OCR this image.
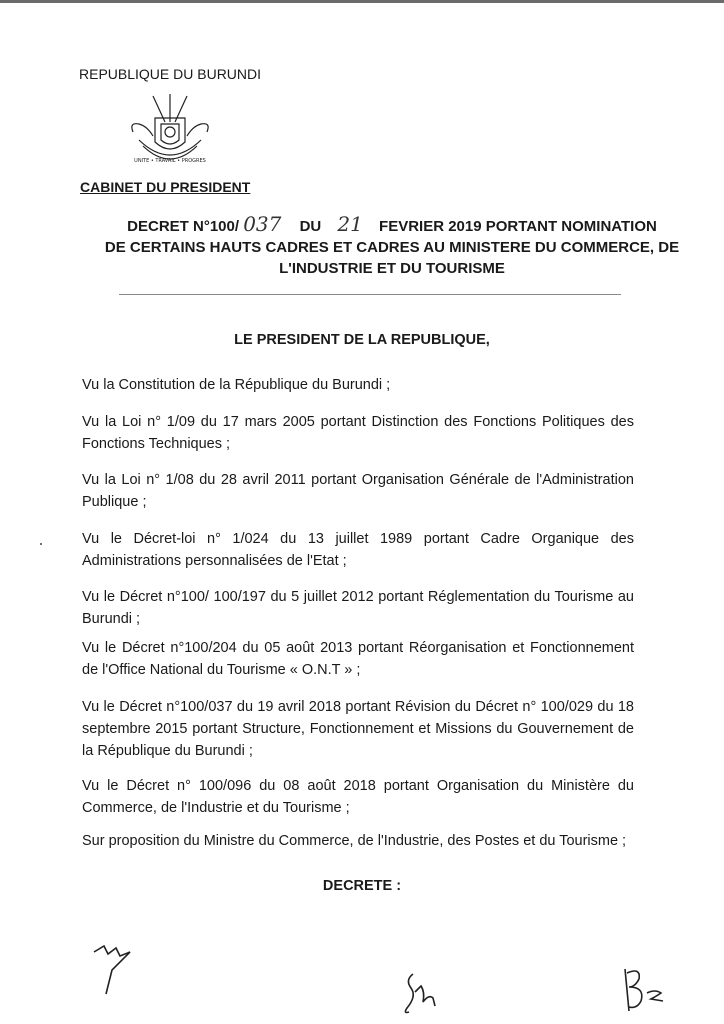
REPUBLIQUE DU BURUNDI
UNITE • TRAVAIL • PROGRES
CABINET DU PRESIDENT
DECRET N°100/ 037 DU 21 FEVRIER 2019 PORTANT NOMINATION
DE CERTAINS HAUTS CADRES ET CADRES AU MINISTERE DU COMMERCE, DE
L'INDUSTRIE ET DU TOURISME
LE PRESIDENT DE LA REPUBLIQUE,
Vu la Constitution de la République du Burundi ;
Vu la Loi n° 1/09 du 17 mars 2005 portant Distinction des Fonctions Politiques des Fonctions Techniques ;
Vu la Loi n° 1/08 du 28 avril 2011 portant Organisation Générale de l'Administration Publique ;
Vu le Décret-loi n° 1/024 du 13 juillet 1989 portant Cadre Organique des Administrations personnalisées de l'Etat ;
Vu le Décret n°100/ 100/197 du 5 juillet 2012 portant Réglementation du Tourisme au Burundi ;
Vu le Décret n°100/204 du 05 août 2013 portant Réorganisation et Fonctionnement de l'Office National du Tourisme « O.N.T » ;
Vu le Décret n°100/037 du 19 avril 2018 portant Révision du Décret n° 100/029 du 18 septembre 2015 portant Structure, Fonctionnement et Missions du Gouvernement de la République du Burundi ;
Vu le Décret n° 100/096 du 08 août 2018 portant Organisation du Ministère du Commerce, de l'Industrie et du Tourisme ;
Sur proposition du Ministre du Commerce, de l'Industrie, des Postes et du Tourisme ;
DECRETE :
